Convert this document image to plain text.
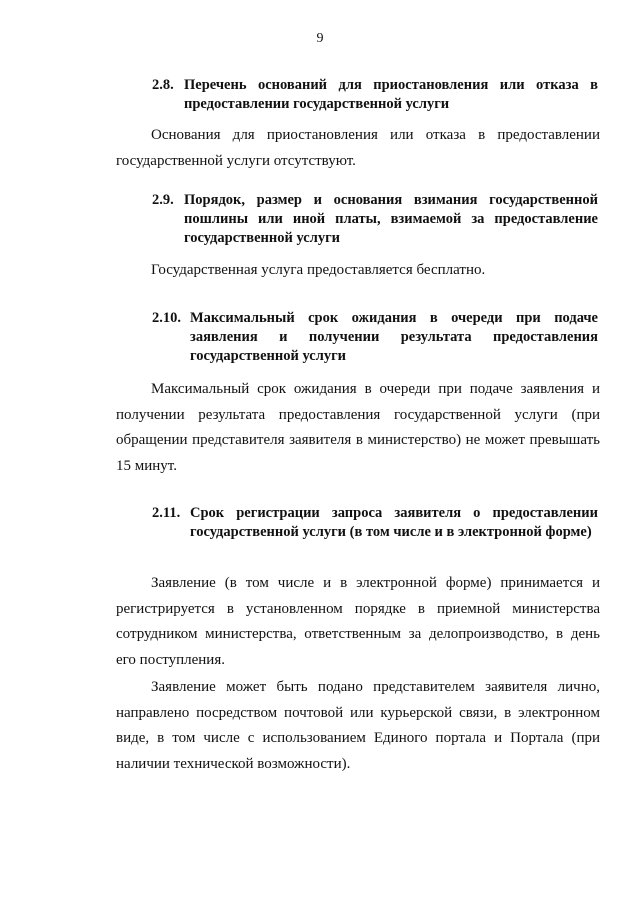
9
2.8. Перечень оснований для приостановления или отказа в предоставлении государственной услуги

Основания для приостановления или отказа в предоставлении государственной услуги отсутствуют.

2.9. Порядок, размер и основания взимания государственной пошлины или иной платы, взимаемой за предоставление государственной услуги

Государственная услуга предоставляется бесплатно.

2.10. Максимальный срок ожидания в очереди при подаче заявления и получении результата предоставления государственной услуги

Максимальный срок ожидания в очереди при подаче заявления и получении результата предоставления государственной услуги (при обращении представителя заявителя в министерство) не может превышать 15 минут.

2.11. Срок регистрации запроса заявителя о предоставлении государственной услуги (в том числе и в электронной форме)

Заявление (в том числе и в электронной форме) принимается и регистрируется в установленном порядке в приемной министерства сотрудником министерства, ответственным за делопроизводство, в день его поступления.

Заявление может быть подано представителем заявителя лично, направлено посредством почтовой или курьерской связи, в электронном виде, в том числе с использованием Единого портала и Портала (при наличии технической возможности).
